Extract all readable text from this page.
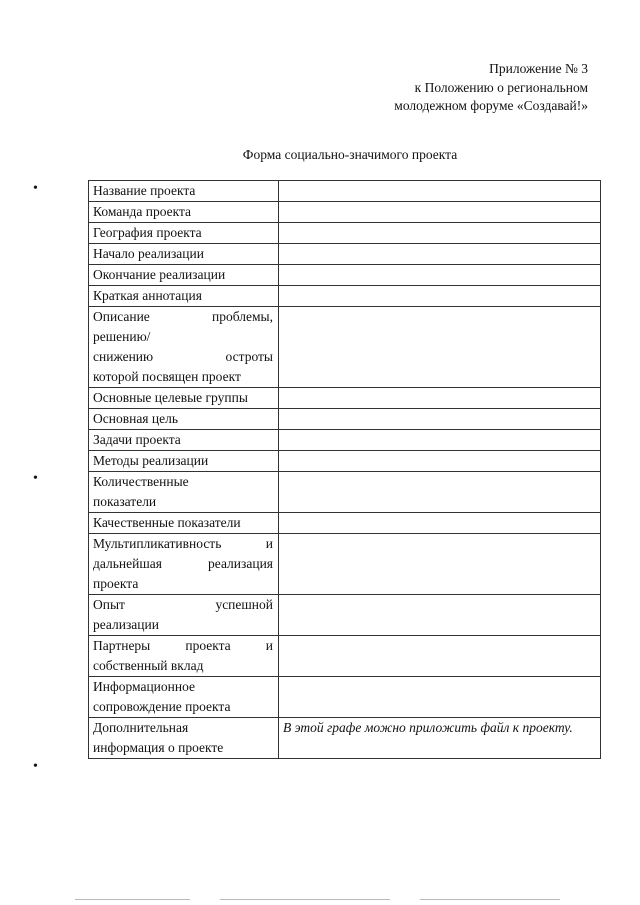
Приложение № 3
к Положению о региональном
молодежном форуме «Создавай!»
Форма социально-значимого проекта
•
•
•
Название проекта	

Команда проекта	

География проекта	

Начало реализации	

Окончание реализации	

Краткая аннотация	

Описание проблемы,
решению/
снижению остроты
которой посвящен проект	

Основные целевые группы	

Основная цель	

Задачи проекта	

Методы реализации	

Количественные
показатели	

Качественные показатели	

Мультипликативность и
дальнейшая реализация
проекта	

Опыт успешной
реализации	

Партнеры проекта и
собственный вклад	

Информационное
сопровождение проекта	

Дополнительная
информация о проекте	В этой графе можно приложить файл к проекту.
